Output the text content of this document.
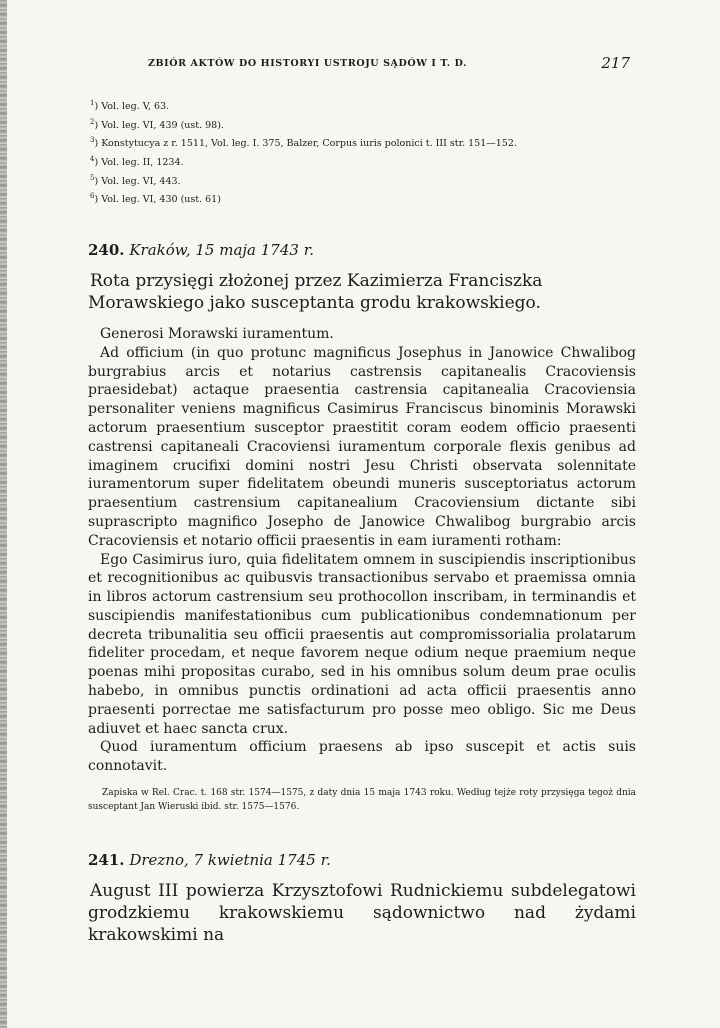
ZBIÓR AKTÓW DO HISTORYI USTROJU SĄDÓW I T. D.	217
$^1$) Vol. leg. V, 63.
$^2$) Vol. leg. VI, 439 (ust. 98).
$^3$) Konstytucya z r. 1511, Vol. leg. I. 375, Balzer, Corpus iuris polonici t. III str. 151—152.
$^4$) Vol. leg. II, 1234.
$^5$) Vol. leg. VI, 443.
$^6$) Vol. leg. VI, 430 (ust. 61)
240. Kraków, 15 maja 1743 r.
Rota przysięgi złożonej przez Kazimierza Franciszka Morawskiego jako susceptanta grodu krakowskiego.

Generosi Morawski iuramentum.

Ad officium (in quo protunc magnificus Josephus in Janowice Chwalibog burgrabius arcis et notarius castrensis capitanealis Cracoviensis praesidebat) actaque praesentia castrensia capitanealia Cracoviensia personaliter veniens magnificus Casimirus Franciscus binominis Morawski actorum praesentium susceptor praestitit coram eodem officio praesenti castrensi capitaneali Cracoviensi iuramentum corporale flexis genibus ad imaginem crucifixi domini nostri Jesu Christi observata solennitate iuramentorum super fidelitatem obeundi muneris susceptoriatus actorum praesentium castrensium capitanealium Cracoviensium dictante sibi suprascripto magnifico Josepho de Janowice Chwalibog burgrabio arcis Cracoviensis et notario officii praesentis in eam iuramenti rotham:

Ego Casimirus iuro, quia fidelitatem omnem in suscipiendis inscriptionibus et recognitionibus ac quibusvis transactionibus servabo et praemissa omnia in libros actorum castrensium seu prothocollon inscribam, in terminandis et suscipiendis manifestationibus cum publicationibus condemnationum per decreta tribunalitia seu officii praesentis aut compromissorialia prolatarum fideliter procedam, et neque favorem neque odium neque praemium neque poenas mihi propositas curabo, sed in his omnibus solum deum prae oculis habebo, in omnibus punctis ordinationi ad acta officii praesentis anno praesenti porrectae me satisfacturum pro posse meo obligo. Sic me Deus adiuvet et haec sancta crux.

Quod iuramentum officium praesens ab ipso suscepit et actis suis connotavit.

Zapiska w Rel. Crac. t. 168 str. 1574—1575, z daty dnia 15 maja 1743 roku. Według tejże roty przysięga tegoż dnia susceptant Jan Wieruski ibid. str. 1575—1576.

241. Drezno, 7 kwietnia 1745 r.
August III powierza Krzysztofowi Rudnickiemu subdelegatowi grodzkiemu krakowskiemu sądownictwo nad żydami krakowskimi na
